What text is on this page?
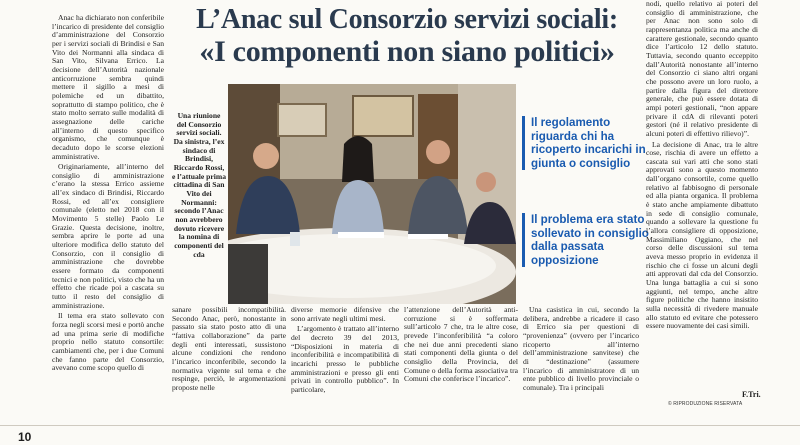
L’Anac sul Consorzio servizi sociali:
«I componenti non siano politici»

Anac ha dichiarato non conferibile l’incarico di presidente del consiglio d’amministrazione del Consorzio per i servizi sociali di Brindisi e San Vito dei Normanni alla sindaca di San Vito, Silvana Errico. La decisione dell’Autorità nazionale anticorruzione sembra quindi mettere il sigillo a mesi di polemiche ed un dibattito, soprattutto di stampo politico, che è stato molto serrato sulle modalità di assegnazione delle cariche all’interno di questo specifico organismo, che comunque è decaduto dopo le scorse elezioni amministrative.

Originariamente, all’interno del consiglio di amministrazione c’erano la stessa Errico assieme all’ex sindaco di Brindisi, Riccardo Rossi, ed all’ex consigliere comunale (eletto nel 2018 con il Movimento 5 stelle) Paolo Le Grazie. Questa decisione, inoltre, sembra aprire le porte ad una ulteriore modifica dello statuto del Consorzio, con il consiglio di amministrazione che dovrebbe essere formato da componenti tecnici e non politici, visto che ha un effetto che ricade poi a cascata su tutto il resto del consiglio di amministrazione.

Il tema era stato sollevato con forza negli scorsi mesi e portò anche ad una prima serie di modifiche proprio nello statuto consortile: cambiamenti che, per i due Comuni che fanno parte del Consorzio, avevano come scopo quello di

Una riunione del Consorzio servizi sociali. Da sinistra, l’ex sindaco di Brindisi, Riccardo Rossi, e l’attuale prima cittadina di San Vito dei Normanni: secondo l’Anac non avrebbero dovuto ricevere la nomina di componenti del cda
Il regolamento riguarda chi ha ricoperto incarichi in giunta o consiglio
Il problema era stato sollevato in consiglio dalla passata opposizione

sanare possibili incompatibilità. Secondo Anac, però, nonostante in passato sia stato posto atto di una “fattiva collaborazione” da parte degli enti interessati, sussistono alcune condizioni che rendono l’incarico inconferibile, secondo la normativa vigente sul tema e che respinge, perciò, le argomentazioni proposte nelle

diverse memorie difensive che sono arrivate negli ultimi mesi.

L’argomento è trattato all’interno del decreto 39 del 2013, “Disposizioni in materia di inconferibilità e incompatibilità di incarichi presso le pubbliche amministrazioni e presso gli enti privati in controllo pubblico”. In particolare,

l’attenzione dell’Autorità anti-corruzione si è soffermata sull’articolo 7 che, tra le altre cose, prevede l’inconferibilità “a coloro che nei due anni precedenti siano stati componenti della giunta o del consiglio della Provincia, del Comune o della forma associativa tra Comuni che conferisce l’incarico”.

Una casistica in cui, secondo la delibera, andrebbe a ricadere il caso di Errico sia per questioni di “provenienza” (ovvero per l’incarico ricoperto all’interno dell’amministrazione sanvitese) che di “destinazione” (assumere l’incarico di amministratore di un ente pubblico di livello provinciale o comunale). Tra i principali

nodi, quello relativo ai poteri del consiglio di amministrazione, che per Anac non sono solo di rappresentanza politica ma anche di carattere gestionale, secondo quanto dice l’articolo 12 dello statuto. Tuttavia, secondo quanto ecceppito dall’Autorità nonostante all’interno del Consorzio ci siano altri organi che possono avere un loro ruolo, a partire dalla figura del direttore generale, che può essere dotata di ampi poteri gestionali, “non appare privare il cdA di rilevanti poteri gestori (né il relativo presidente di alcuni poteri di effettivo rilievo)”.

La decisione di Anac, tra le altre cose, rischia di avere un effetto a cascata sui vari atti che sono stati approvati sono a questo momento dall’organo consortile, come quello relativo al fabbisogno di personale ed alla pianta organica. Il problema è stato anche ampiamente dibattuto in sede di consiglio comunale, quando a sollevare la questione fu l’allora consigliere di opposizione, Massimiliano Oggiano, che nel corso delle discussioni sul tema aveva messo proprio in evidenza il rischio che ci fosse un alcuni degli atti approvati dal cda del Consorzio. Una lunga battaglia a cui si sono aggiunti, nel tempo, anche altre figure politiche che hanno insistito sulla necessità di rivedere manuale allo statuto ed evitare che potessero essere nuovamente dei casi simili.

F.Tri.
© RIPRODUZIONE RISERVATA
10
